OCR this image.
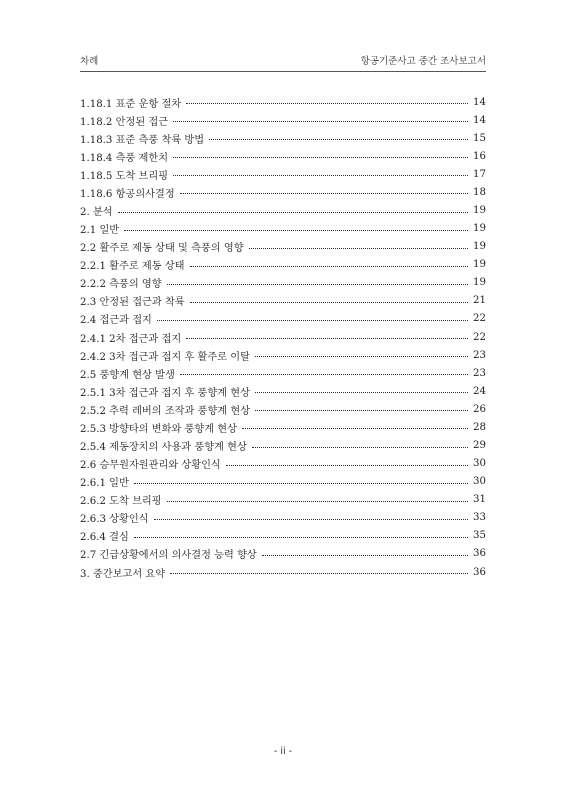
차례	항공기준사고 중간 조사보고서
1.18.1 표준 운항 절차	14
1.18.2 안정된 접근	14
1.18.3 표준 측풍 착륙 방법	15
1.18.4 측풍 제한치	16
1.18.5 도착 브리핑	17
1.18.6 항공의사결정	18
2. 분석	19
2.1 일반	19
2.2 활주로 제동 상태 및 측풍의 영향	19
2.2.1 활주로 제동 상태	19
2.2.2 측풍의 영향	19
2.3 안정된 접근과 착륙	21
2.4 접근과 접지	22
2.4.1 2차 접근과 접지	22
2.4.2 3차 접근과 접지 후 활주로 이탈	23
2.5 풍향계 현상 발생	23
2.5.1 3차 접근과 접지 후 풍향계 현상	24
2.5.2 추력 레버의 조작과 풍향계 현상	26
2.5.3 방향타의 변화와 풍향계 현상	28
2.5.4 제동장치의 사용과 풍향계 현상	29
2.6 승무원자원관리와 상황인식	30
2.6.1 일반	30
2.6.2 도착 브리핑	31
2.6.3 상황인식	33
2.6.4 결심	35
2.7 긴급상황에서의 의사결정 능력 향상	36
3. 중간보고서 요약	36
- ii -
